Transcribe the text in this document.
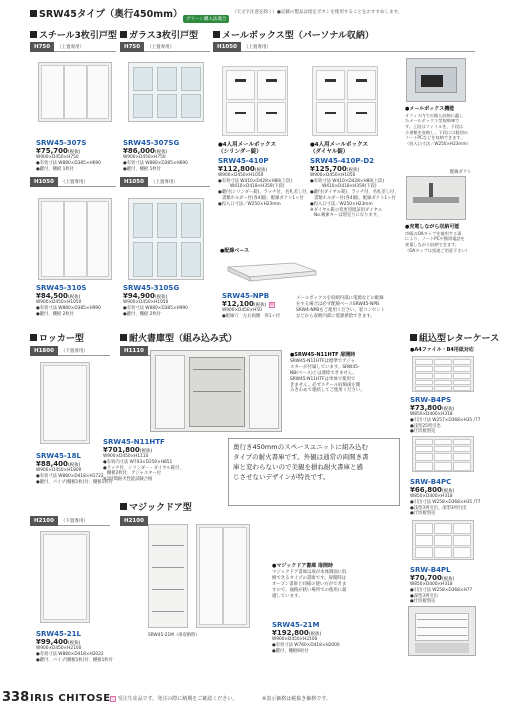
SRW45タイプ（奥行450mm） グリーン購入法適合
（天文字注意を除く）●記載の製品は指定ボタンを使用することをおすすめします。
スチール3枚引戸型
H750	（上置専用）
SRW45-307S
¥75,700(税抜)
W900×D450×H750
●有効寸法 W880×D385×H690
●鍵付、棚板 1枚付
H1050	（上置専用）
SRW45-310S
¥84,500(税抜)
W900×D450×H1050
●有効寸法 W880×D385×H990
●鍵付、棚板 2枚付
ガラス3枚引戸型
H750	（上置専用）
SRW45-307SG
¥86,000(税抜)
W900×D450×H750
●有効寸法 W880×D385×H690
●鍵付、棚板 1枚付
H1050	（上置専用）
SRW45-310SG
¥94,900(税抜)
W900×D450×H1050
●有効寸法 W880×D385×H990
●鍵付、棚板 2枚付
メールボックス型（パーソナル収納）
H1050	（上置専用）
●4人用メールボックス
（シリンダー錠）
SRW45-410P
¥112,800(税抜)
W900×D450×H1050
●有効寸法 W410×D428×H80(上段)
W410×D418×H359(下段)
●鍵付(シリンダー錠)、ラッチ付、名札差し付、
書類ホルダー付(各4個)、配線ダクト1ヶ付
●投入口寸法／W250×H23mm
●4人用メールボックス
（ダイヤル錠）
SRW45-410P-D2
¥125,700(税抜)
W900×D450×H1050
●有効寸法 W410×D428×H80(上段)
W410×D418×H359(下段)
●鍵付(ダイヤル錠)、ラッチ付、名札差し付、
書類ホルダー付(各4個)、配線ダクト1ヶ付
●投入口寸法／W250×H23mm
※ダイヤル錠の変更用暗証用ダイヤル
No.検索キーは別売りになります。
●メールボックス機能
オフィス内での個人収納に適し
たメールボックス型収納庫で
す。上段はファイルを、下段は
小書類を収納し、下段には個別の
ノートPCなどを収納できます。
（投入口寸法／W250×H23mm）
配線ダクト
●充電しながら収納可能
市販のOAタップを使用する事
により、ノートPCや携帯電話を
充電しながら収納できます。
（OAタップは別途ご用意下さい）
●配線ベース
SRW45-NPB
¥12,100(税抜) 受
W900×D450×H50
●配線穴　左右両側　各1ヶ付
メールボックスを収納内部に電源などの配線
をする場合は必ず配線ベースSRW45-NPB
SRW4-NPBをご使用ください。窓コンセント
などから収納内部に電源供給できます。
ロッカー型
H1800	（下置専用）
SRW45-18L
¥88,400(税抜)
W900×D450×H1800
●有効寸法 W880×D418×H1722
●鍵付、パイプ(棚板1枚)付、棚板1枚付
H2100	（下置専用）
SRW45-21L
¥99,400(税抜)
W900×D450×H2100
●有効寸法 W880×D418×H2022
●鍵付、パイプ(棚板1枚)付、棚板1枚付
耐火書庫型（組み込み式）
H1110
●SRW45-N11HTF 扉開時
SRW45-N11HTFは標準でアジャ
スターが付属しています。SRW45-
NB(ベース)とは連結できません。
SRW45-N11HTFは単体で使用で
きません。必ずスチール収納両左側
みきわめて連結してご使用ください。
SRW45-N11HTF
¥701,800(税抜)
W900×D450×H1110
●有効内寸法 W703×D250×H851
●ラッチ付、シリンダー・ダイヤル錠付、
棚板2枚付、アジャスター付
※1時間耐火性能試験合格
奥行き450mmのスペースユニットに組み込む
タイプの耐火書庫です。外観は通常の両開き書
庫と変わらないので美観を損ね耐火書庫と感
じさせないデザインが特長です。
マジックドア型
H2100
SRW45-21M（扉収納時）
●マジックドア書庫 扉開時
マジックドア書庫は扉が本体側面に収
納できるタイプの書庫です。扉開時は
オープン書庫と同様の使い方ができま
すので、通路が狭い場所での使用に最
適しています。
SRW45-21M
¥192,800(税抜)
W900×D450×H2100
●有効寸法 W760×D418×H2000
●鍵付、棚板6枚付
組込型レターケース
●A4ファイル・B4用紙対応
SRW-B4PS
¥73,800(税抜)
W850×D400×H318
●引出寸法 W257×D368×H35 /77
●浅型25列引出
●仕切板別売
SRW-B4PC
¥66,800(税抜)
W850×D400×H318
●引出寸法 W258×D368×H35 /77
●浅型3列引出、深型3列引出
●仕切板別売
SRW-B4PL
¥70,700(税抜)
W850×D400×H318
●引出寸法 W258×D368×H77
●深型3列引出
●仕切板別売
338 IRIS CHITOSE 受 受注生産品です。発注の際に納期をご確認ください。	※表示価格は税抜き価格です。
